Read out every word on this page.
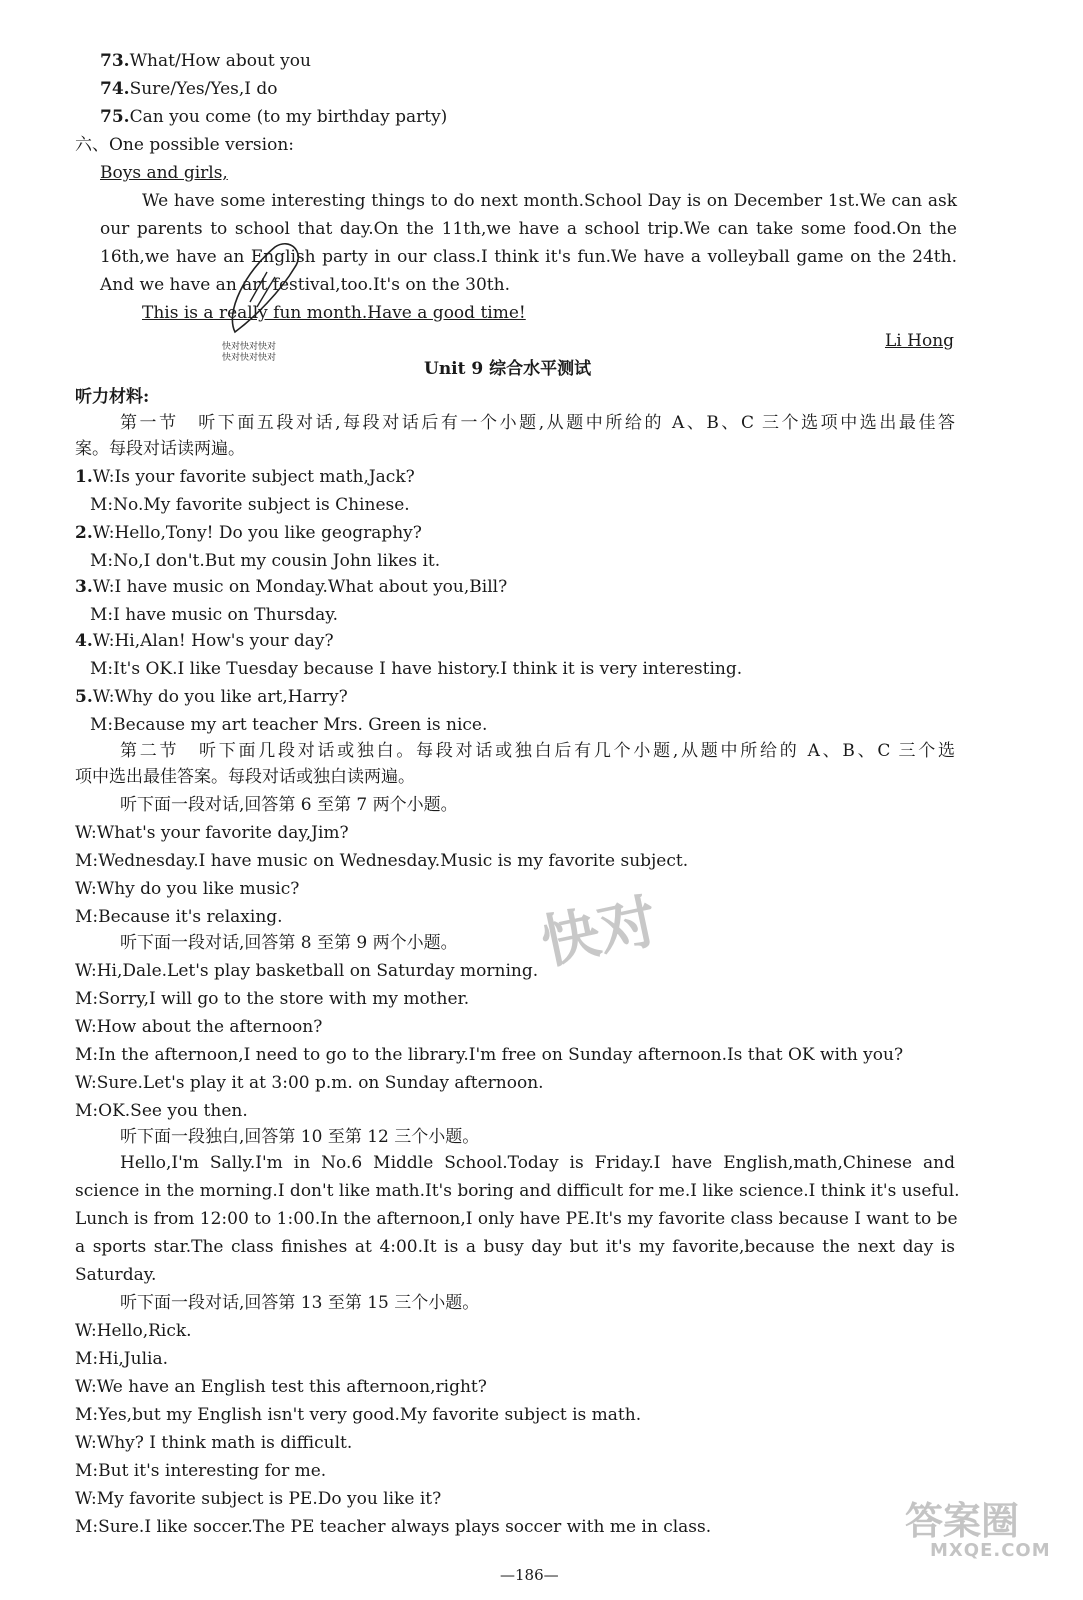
73.What/How about you
74.Sure/Yes/Yes,I do
75.Can you come (to my birthday party)
六、One possible version:
Boys and girls,
We have some interesting things to do next month.School Day is on December 1st.We can ask
our parents to school that day.On the 11th,we have a school trip.We can take some food.On the
16th,we have an English party in our class.I think it's fun.We have a volleyball game on the 24th.
And we have an art festival,too.It's on the 30th.
This is a really fun month.Have a good time!
Li Hong
快对快对快对
快对快对快对
Unit 9 综合水平测试
听力材料:
第一节　听下面五段对话,每段对话后有一个小题,从题中所给的 A、B、C 三个选项中选出最佳答
案。每段对话读两遍。
1.W:Is your favorite subject math,Jack?
M:No.My favorite subject is Chinese.
2.W:Hello,Tony! Do you like geography?
M:No,I don't.But my cousin John likes it.
3.W:I have music on Monday.What about you,Bill?
M:I have music on Thursday.
4.W:Hi,Alan! How's your day?
M:It's OK.I like Tuesday because I have history.I think it is very interesting.
5.W:Why do you like art,Harry?
M:Because my art teacher Mrs. Green is nice.
第二节　听下面几段对话或独白。每段对话或独白后有几个小题,从题中所给的 A、B、C 三个选
项中选出最佳答案。每段对话或独白读两遍。
听下面一段对话,回答第 6 至第 7 两个小题。
W:What's your favorite day,Jim?
M:Wednesday.I have music on Wednesday.Music is my favorite subject.
W:Why do you like music?
M:Because it's relaxing.
听下面一段对话,回答第 8 至第 9 两个小题。
W:Hi,Dale.Let's play basketball on Saturday morning.
M:Sorry,I will go to the store with my mother.
W:How about the afternoon?
M:In the afternoon,I need to go to the library.I'm free on Sunday afternoon.Is that OK with you?
W:Sure.Let's play it at 3:00 p.m. on Sunday afternoon.
M:OK.See you then.
听下面一段独白,回答第 10 至第 12 三个小题。
Hello,I'm Sally.I'm in No.6 Middle School.Today is Friday.I have English,math,Chinese and
science in the morning.I don't like math.It's boring and difficult for me.I like science.I think it's useful.
Lunch is from 12:00 to 1:00.In the afternoon,I only have PE.It's my favorite class because I want to be
a sports star.The class finishes at 4:00.It is a busy day but it's my favorite,because the next day is
Saturday.
听下面一段对话,回答第 13 至第 15 三个小题。
W:Hello,Rick.
M:Hi,Julia.
W:We have an English test this afternoon,right?
M:Yes,but my English isn't very good.My favorite subject is math.
W:Why? I think math is difficult.
M:But it's interesting for me.
W:My favorite subject is PE.Do you like it?
M:Sure.I like soccer.The PE teacher always plays soccer with me in class.
—186—
快对
答案圈
MXQE.COM
